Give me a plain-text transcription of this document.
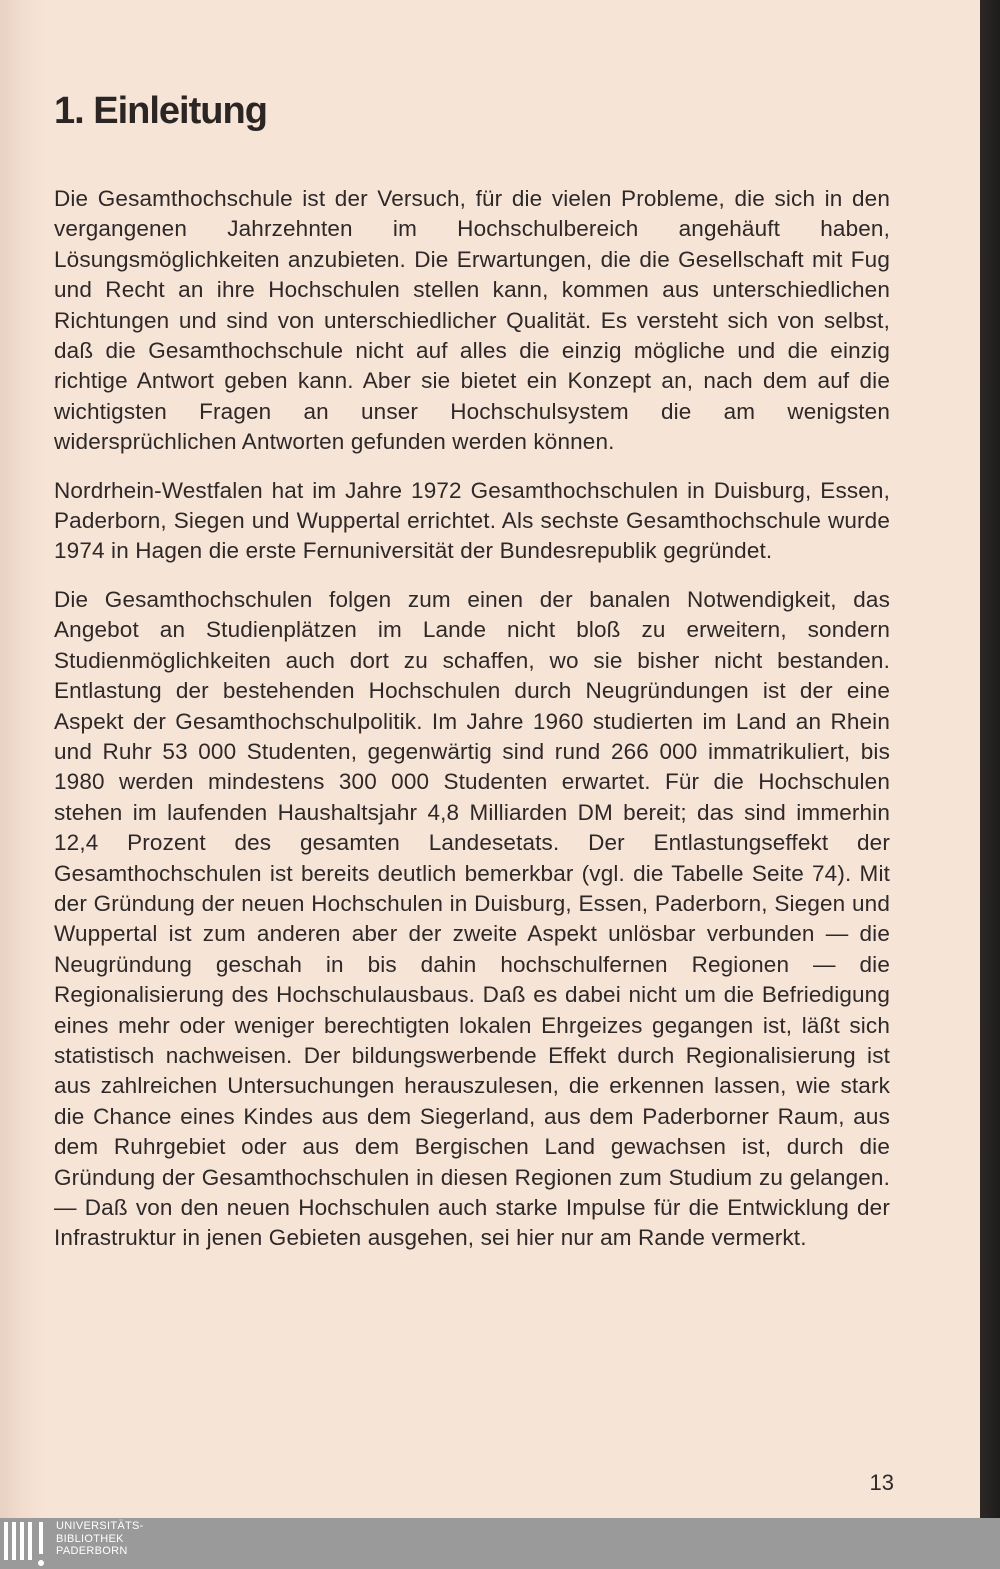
1. Einleitung

Die Gesamthochschule ist der Versuch, für die vielen Probleme, die sich in den vergangenen Jahrzehnten im Hochschulbereich angehäuft haben, Lösungsmöglichkeiten anzubieten. Die Erwartungen, die die Gesellschaft mit Fug und Recht an ihre Hochschulen stellen kann, kommen aus unterschiedlichen Richtungen und sind von unterschiedlicher Qualität. Es versteht sich von selbst, daß die Gesamthochschule nicht auf alles die einzig mögliche und die einzig richtige Antwort geben kann. Aber sie bietet ein Konzept an, nach dem auf die wichtigsten Fragen an unser Hochschulsystem die am wenigsten widersprüchlichen Antworten gefunden werden können.

Nordrhein-Westfalen hat im Jahre 1972 Gesamthochschulen in Duisburg, Essen, Paderborn, Siegen und Wuppertal errichtet. Als sechste Gesamthochschule wurde 1974 in Hagen die erste Fernuniversität der Bundesrepublik gegründet.

Die Gesamthochschulen folgen zum einen der banalen Notwendigkeit, das Angebot an Studienplätzen im Lande nicht bloß zu erweitern, sondern Studienmöglichkeiten auch dort zu schaffen, wo sie bisher nicht bestanden. Entlastung der bestehenden Hochschulen durch Neugründungen ist der eine Aspekt der Gesamthochschulpolitik. Im Jahre 1960 studierten im Land an Rhein und Ruhr 53 000 Studenten, gegenwärtig sind rund 266 000 immatrikuliert, bis 1980 werden mindestens 300 000 Studenten erwartet. Für die Hochschulen stehen im laufenden Haushaltsjahr 4,8 Milliarden DM bereit; das sind immerhin 12,4 Prozent des gesamten Landesetats. Der Entlastungseffekt der Gesamthochschulen ist bereits deutlich bemerkbar (vgl. die Tabelle Seite 74). Mit der Gründung der neuen Hochschulen in Duisburg, Essen, Paderborn, Siegen und Wuppertal ist zum anderen aber der zweite Aspekt unlösbar verbunden — die Neugründung geschah in bis dahin hochschulfernen Regionen — die Regionalisierung des Hochschulausbaus. Daß es dabei nicht um die Befriedigung eines mehr oder weniger berechtigten lokalen Ehrgeizes gegangen ist, läßt sich statistisch nachweisen. Der bildungswerbende Effekt durch Regionalisierung ist aus zahlreichen Untersuchungen herauszulesen, die erkennen lassen, wie stark die Chance eines Kindes aus dem Siegerland, aus dem Paderborner Raum, aus dem Ruhrgebiet oder aus dem Bergischen Land gewachsen ist, durch die Gründung der Gesamthochschulen in diesen Regionen zum Studium zu gelangen. — Daß von den neuen Hochschulen auch starke Impulse für die Entwicklung der Infrastruktur in jenen Gebieten ausgehen, sei hier nur am Rande vermerkt.

13
UNIVERSITÄTS-
BIBLIOTHEK
PADERBORN
